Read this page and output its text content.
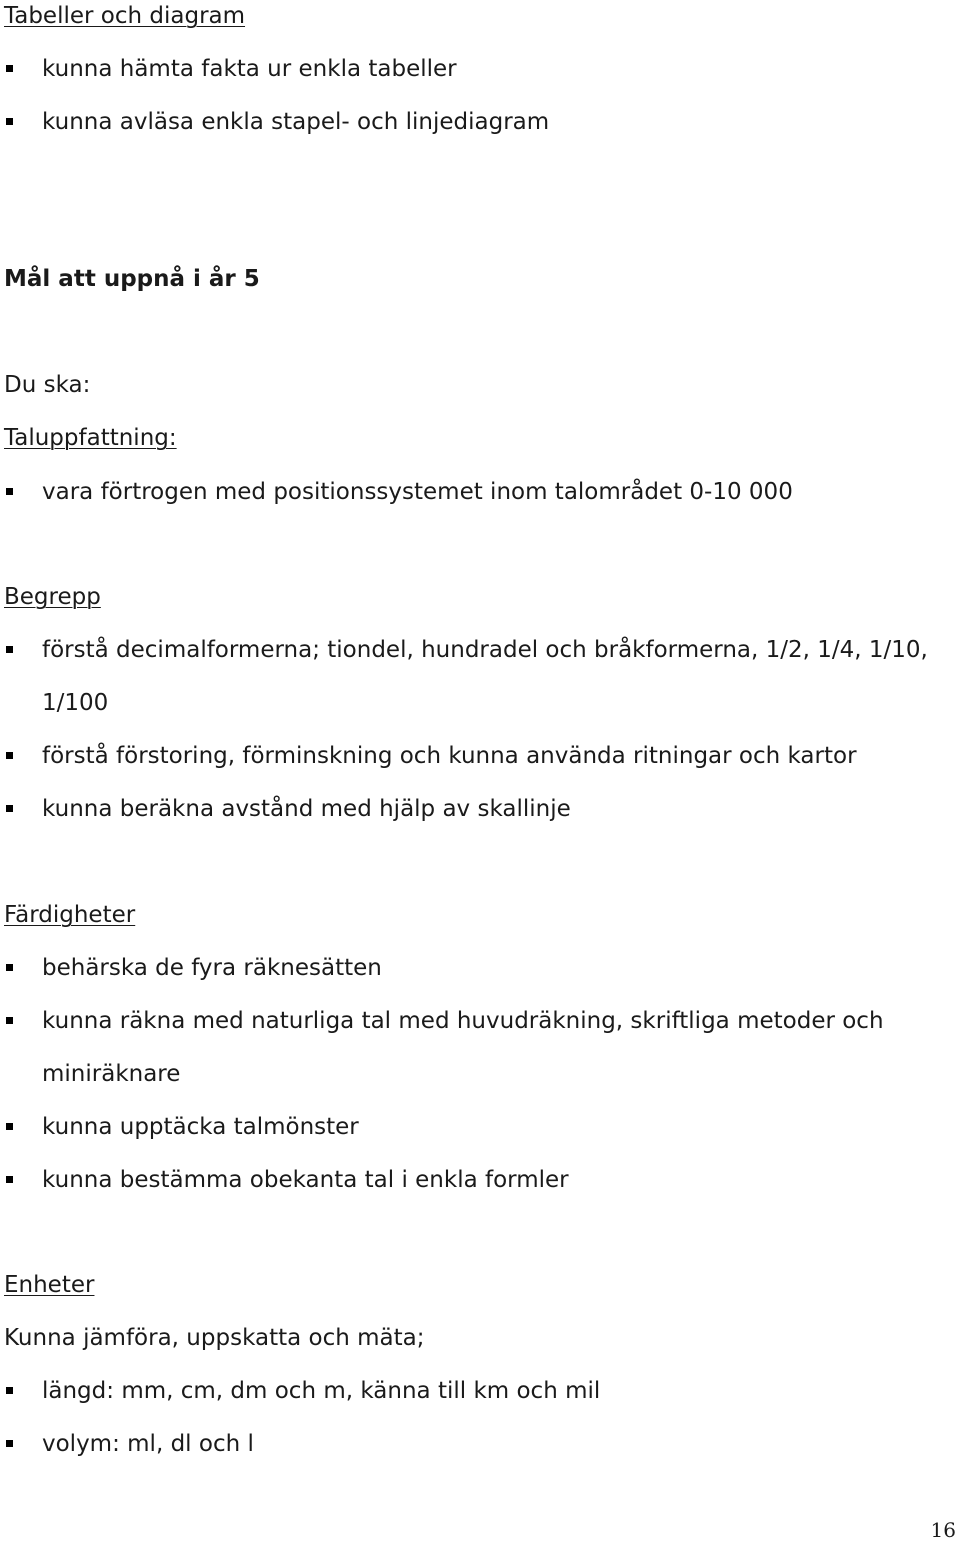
Tabeller och diagram
kunna hämta fakta ur enkla tabeller
kunna avläsa enkla stapel- och linjediagram
Mål att uppnå i år 5
Du ska:
Taluppfattning:
vara förtrogen med positionssystemet inom talområdet 0-10 000
Begrepp
förstå decimalformerna; tiondel, hundradel och bråkformerna, 1/2, 1/4, 1/10,
1/100
förstå förstoring, förminskning och kunna använda ritningar och kartor
kunna beräkna avstånd med hjälp av skallinje
Färdigheter
behärska de fyra räknesätten
kunna räkna med naturliga tal med huvudräkning, skriftliga metoder och
miniräknare
kunna upptäcka talmönster
kunna bestämma obekanta tal i enkla formler
Enheter
Kunna jämföra, uppskatta och mäta;
längd: mm, cm, dm och m, känna till km och mil
volym: ml, dl och l
16
